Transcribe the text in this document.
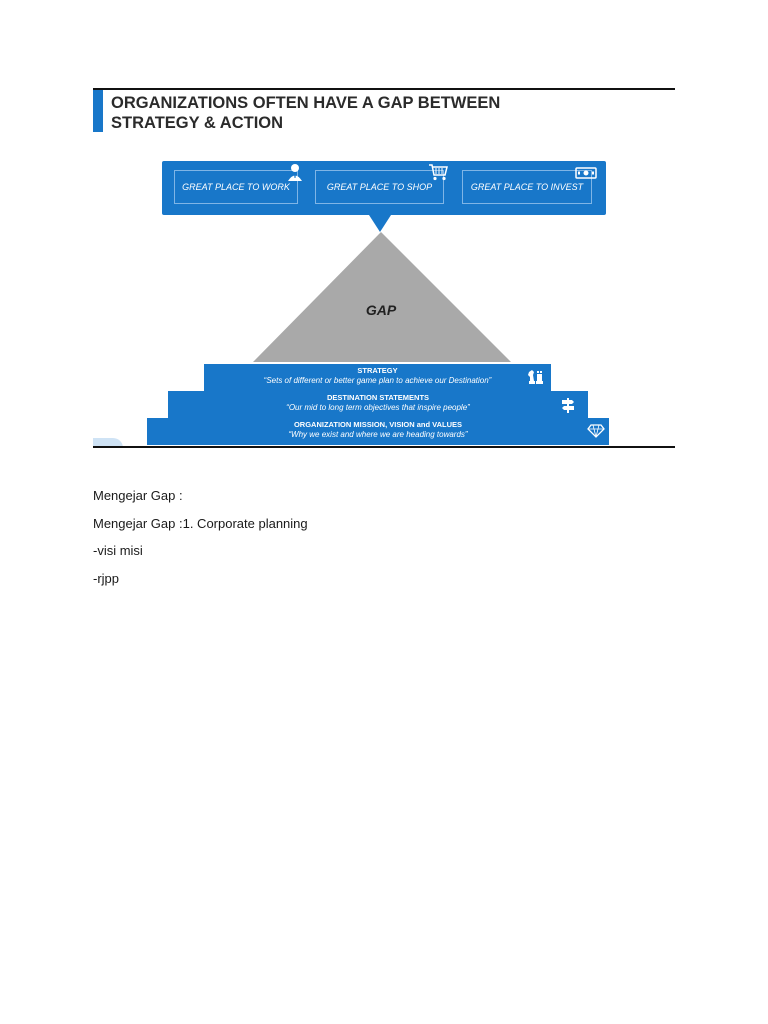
ORGANIZATIONS OFTEN HAVE A GAP BETWEEN
STRATEGY & ACTION
GAP
GREAT PLACE TO WORK	GREAT PLACE TO SHOP	GREAT PLACE TO INVEST
STRATEGY
“Sets of different or better game plan to achieve our Destination”
DESTINATION STATEMENTS
“Our mid to long term objectives that inspire people”
ORGANIZATION MISSION, VISION and VALUES
“Why we exist and where we are heading towards”

Mengejar Gap :

Mengejar Gap :1. Corporate planning

-visi misi

-rjpp
